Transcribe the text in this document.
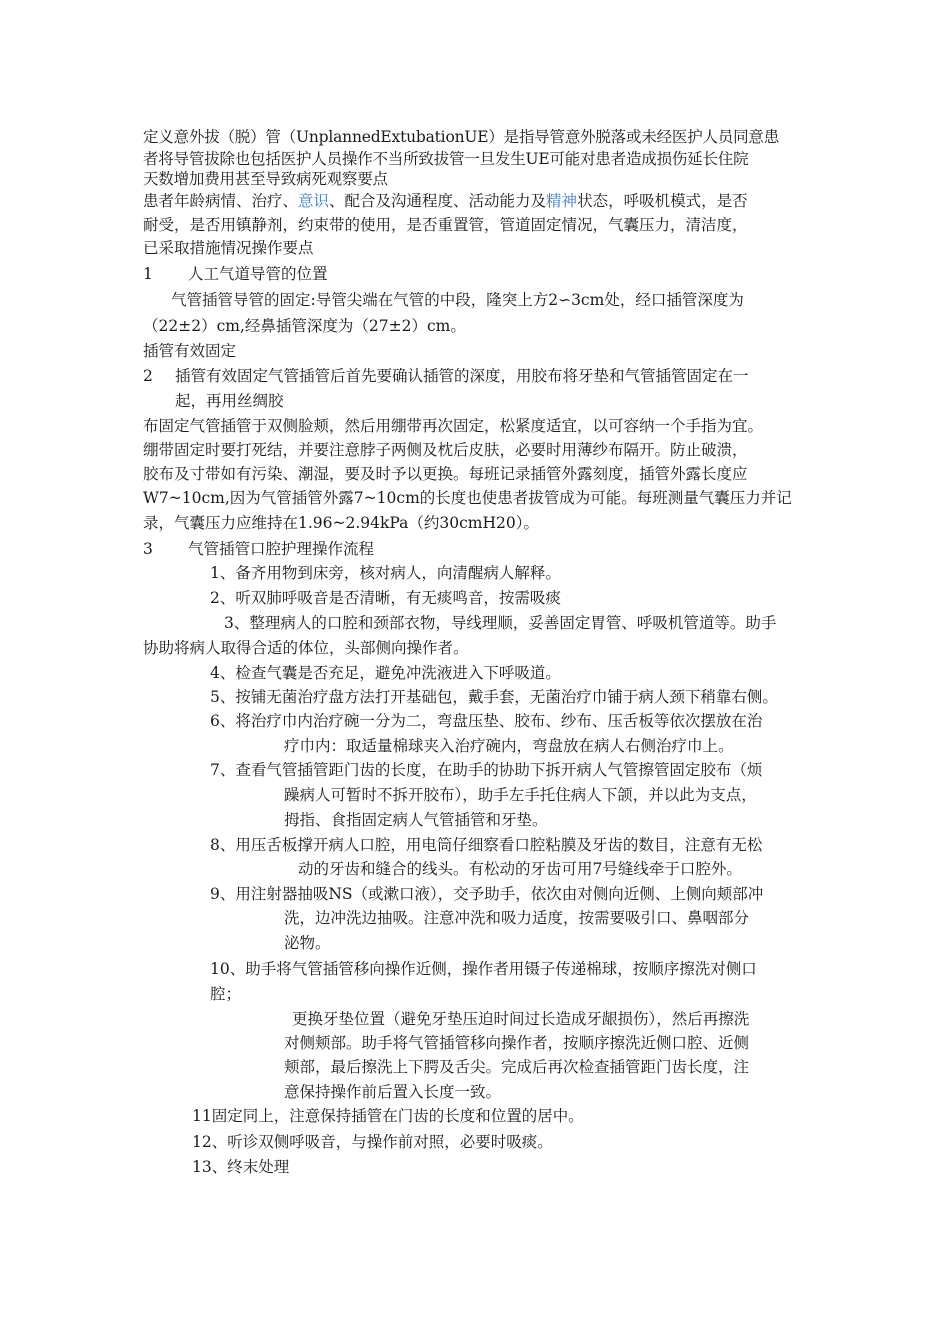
定义意外拔（脱）管（UnplannedExtubationUE）是指导管意外脱落或未经医护人员同意患
者将导管拔除也包括医护人员操作不当所致拔管一旦发生UE可能对患者造成损伤延长住院
天数增加费用甚至导致病死观察要点
患者年龄病情、治疗、意识、配合及沟通程度、活动能力及精神状态，呼吸机模式，是否
耐受，是否用镇静剂，约束带的使用，是否重置管，管道固定情况，气囊压力，清洁度，
已采取措施情况操作要点
1 人工气道导管的位置
气管插管导管的固定:导管尖端在气管的中段，隆突上方2∽3cm处，经口插管深度为
（22±2）cm,经鼻插管深度为（27±2）cm。
插管有效固定
2 插管有效固定气管插管后首先要确认插管的深度，用胶布将牙垫和气管插管固定在一
起，再用丝绸胶
布固定气管插管于双侧脸颊，然后用绷带再次固定，松紧度适宜，以可容纳一个手指为宜。
绷带固定时要打死结，并要注意脖子两侧及枕后皮肤，必要时用薄纱布隔开。防止破溃，
胶布及寸带如有污染、潮湿，要及时予以更换。每班记录插管外露刻度，插管外露长度应
W7~10cm,因为气管插管外露7~10cm的长度也使患者拔管成为可能。每班测量气囊压力并记
录，气囊压力应维持在1.96~2.94kPa（约30cmH20）。
3 气管插管口腔护理操作流程
1、备齐用物到床旁，核对病人，向清醒病人解释。
2、听双肺呼吸音是否清晰，有无痰鸣音，按需吸痰
3、整理病人的口腔和颈部衣物，导线理顺，妥善固定胃管、呼吸机管道等。助手
协助将病人取得合适的体位，头部侧向操作者。
4、检查气囊是否充足，避免冲洗液进入下呼吸道。
5、按铺无菌治疗盘方法打开基础包，戴手套，无菌治疗巾铺于病人颈下稍靠右侧。
6、将治疗巾内治疗碗一分为二，弯盘压垫、胶布、纱布、压舌板等依次摆放在治
疗巾内：取适量棉球夹入治疗碗内，弯盘放在病人右侧治疗巾上。
7、查看气管插管距门齿的长度，在助手的协助下拆开病人气管擦管固定胶布（烦
躁病人可暂时不拆开胶布），助手左手托住病人下颌，并以此为支点，
拇指、食指固定病人气管插管和牙垫。
8、用压舌板撑开病人口腔，用电筒仔细察看口腔粘膜及牙齿的数目，注意有无松
动的牙齿和缝合的线头。有松动的牙齿可用7号缝线牵于口腔外。
9、用注射器抽吸NS（或漱口液），交予助手，依次由对侧向近侧、上侧向颊部冲
洗，边冲洗边抽吸。注意冲洗和吸力适度，按需要吸引口、鼻咽部分
泌物。
10、助手将气管插管移向操作近侧，操作者用镊子传递棉球，按顺序擦洗对侧口
腔；
更换牙垫位置（避免牙垫压迫时间过长造成牙龈损伤），然后再擦洗
对侧颊部。助手将气管插管移向操作者，按顺序擦洗近侧口腔、近侧
颊部，最后擦洗上下腭及舌尖。完成后再次检查插管距门齿长度，注
意保持操作前后置入长度一致。
11固定同上，注意保持插管在门齿的长度和位置的居中。
12、听诊双侧呼吸音，与操作前对照，必要时吸痰。
13、终末处理
